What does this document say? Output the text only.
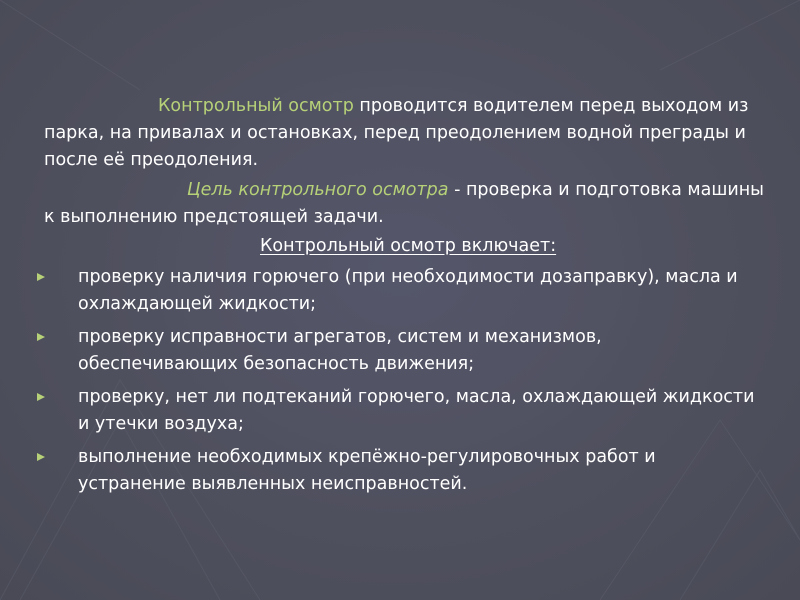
Контрольный осмотр проводится водителем перед выходом из парка, на привалах и остановках, перед преодолением водной преграды и после её преодоления.

Цель контрольного осмотра - проверка и подготовка машины к выполнению предстоящей задачи.

Контрольный осмотр включает:

проверку наличия горючего (при необходимости дозаправку), масла и охлаждающей жидкости;
проверку исправности агрегатов, систем и механизмов, обеспечивающих безопасность движения;
проверку, нет ли подтеканий горючего, масла, охлаждающей жидкости и утечки воздуха;
выполнение необходимых крепёжно-регулировочных работ и устранение выявленных неисправностей.
